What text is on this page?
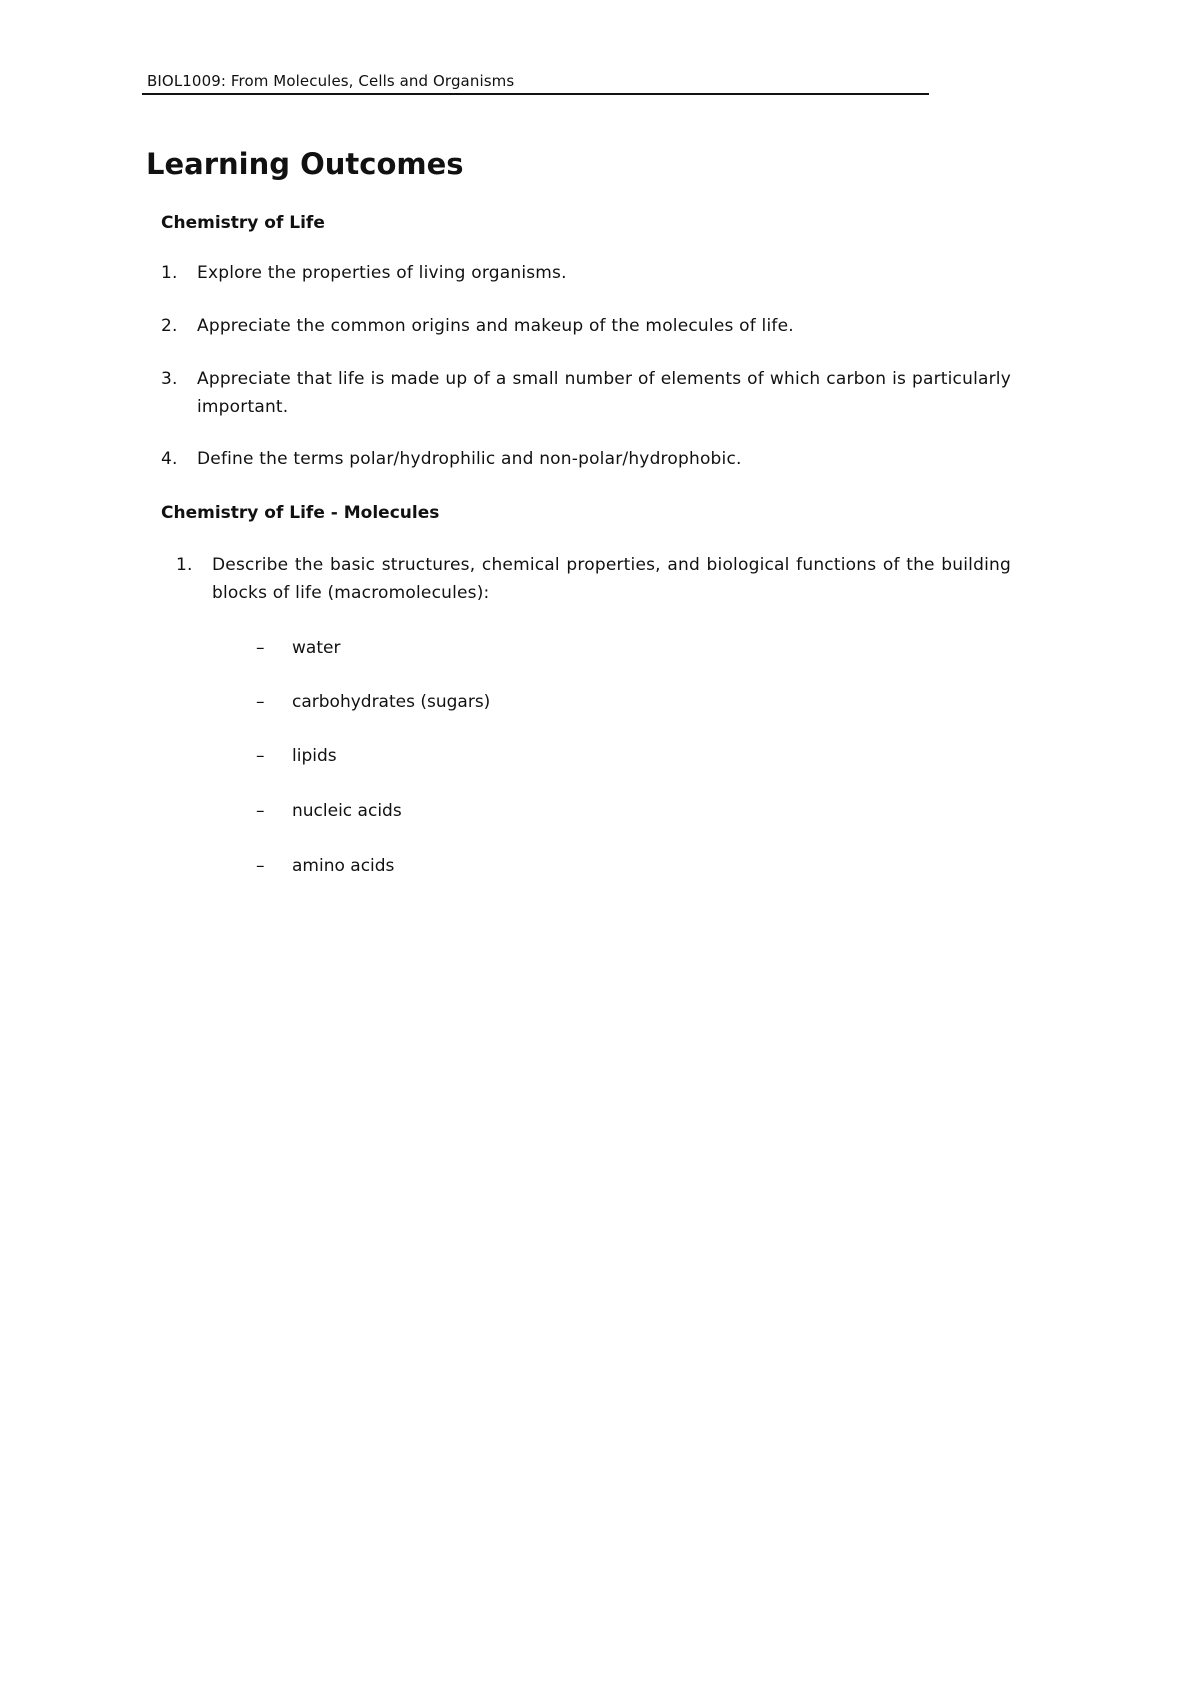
BIOL1009: From Molecules, Cells and Organisms
Learning Outcomes
Chemistry of Life
1. Explore the properties of living organisms.
2. Appreciate the common origins and makeup of the molecules of life.
3. Appreciate that life is made up of a small number of elements of which carbon is particularly important.
4. Define the terms polar/hydrophilic and non-polar/hydrophobic.
Chemistry of Life - Molecules
1. Describe the basic structures, chemical properties, and biological functions of the building blocks of life (macromolecules):
– water
– carbohydrates (sugars)
– lipids
– nucleic acids
– amino acids
